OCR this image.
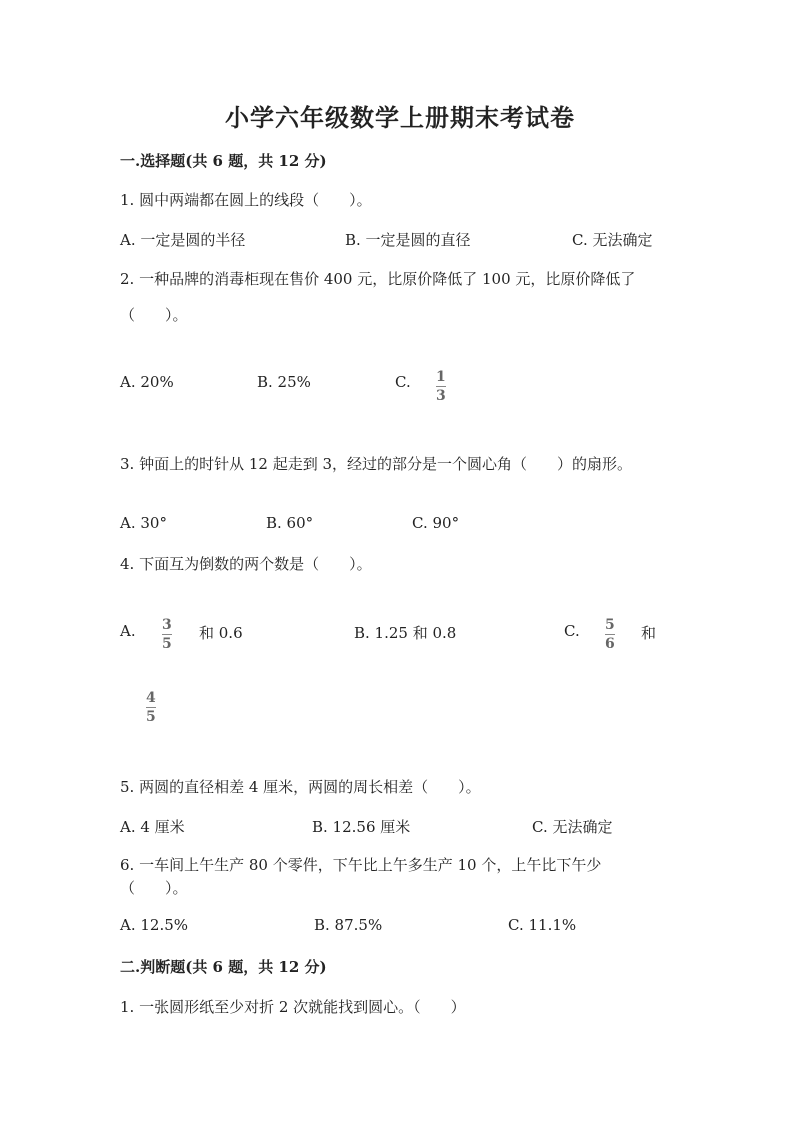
小学六年级数学上册期末考试卷
一.选择题(共 6 题，共 12 分)
1. 圆中两端都在圆上的线段（　　）。
A. 一定是圆的半径	B. 一定是圆的直径	C. 无法确定
2. 一种品牌的消毒柜现在售价 400 元，比原价降低了 100 元，比原价降低了
（　　）。
A. 20%	B. 25%	C. 1
3
3. 钟面上的时针从 12 起走到 3，经过的部分是一个圆心角（　　）的扇形。
A. 30°	B. 60°	C. 90°
4. 下面互为倒数的两个数是（　　）。
A. 3
5
和 0.6	B. 1.25 和 0.8	C. 5
6
和
4
5
5. 两圆的直径相差 4 厘米，两圆的周长相差（　　）。
A. 4 厘米	B. 12.56 厘米	C. 无法确定
6. 一车间上午生产 80 个零件，下午比上午多生产 10 个，上午比下午少
（　　）。
A. 12.5%	B. 87.5%	C. 11.1%
二.判断题(共 6 题，共 12 分)
1. 一张圆形纸至少对折 2 次就能找到圆心。（　　）
